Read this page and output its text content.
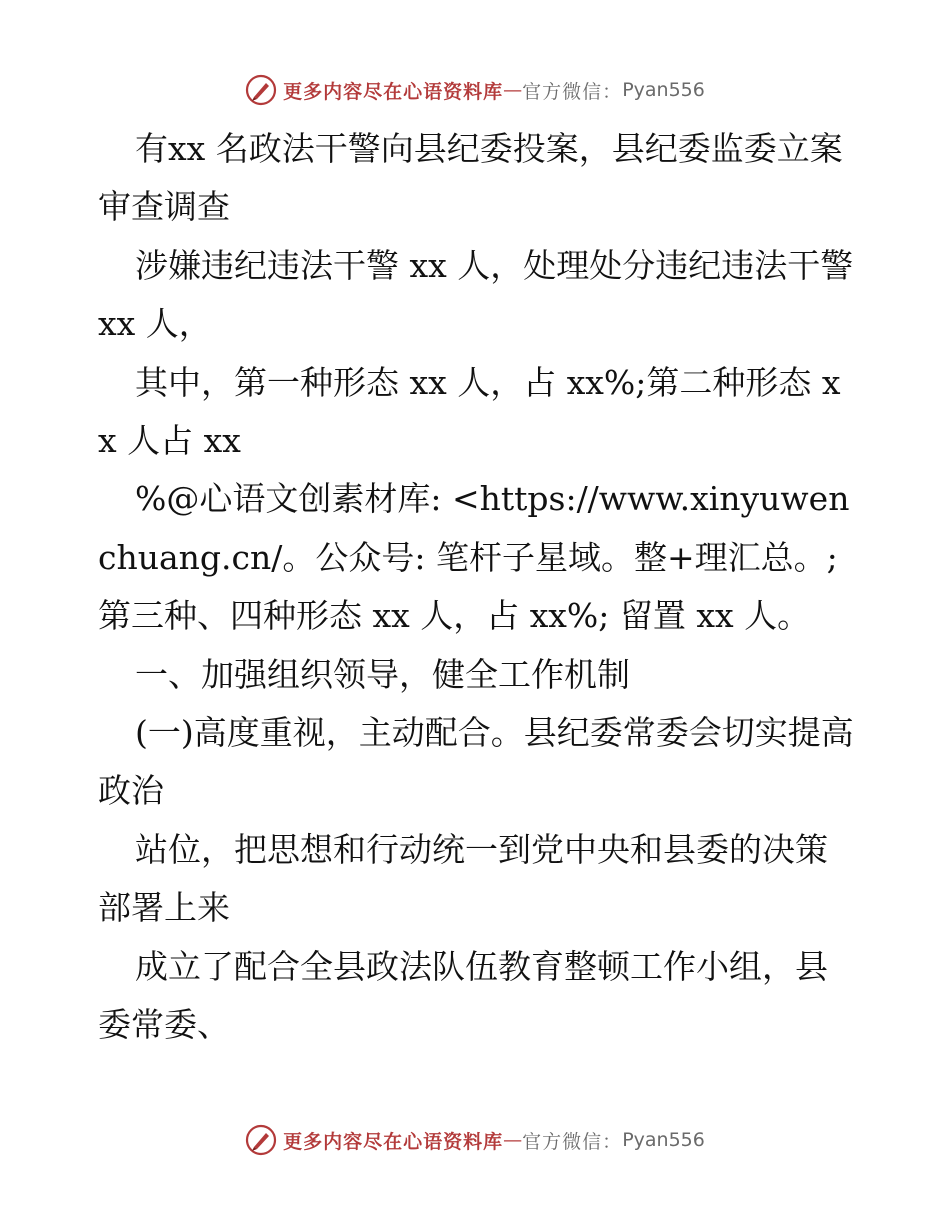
更多内容尽在心语资料库 — 官方微信： Pyan556

有xx 名政法干警向县纪委投案，县纪委监委立案审查调查

涉嫌违纪违法干警 xx 人，处理处分违纪违法干警 xx 人，

其中，第一种形态 xx 人，占 xx%;第二种形态 xx 人占 xx

%@心语文创素材库: <https://www.xinyuwenchuang.cn/。公众号: 笔杆子星域。整+理汇总。;第三种、四种形态 xx 人，占 xx%; 留置 xx 人。

一、加强组织领导，健全工作机制

(一)高度重视，主动配合。县纪委常委会切实提高政治

站位，把思想和行动统一到党中央和县委的决策部署上来

成立了配合全县政法队伍教育整顿工作小组，县委常委、

更多内容尽在心语资料库 — 官方微信： Pyan556
